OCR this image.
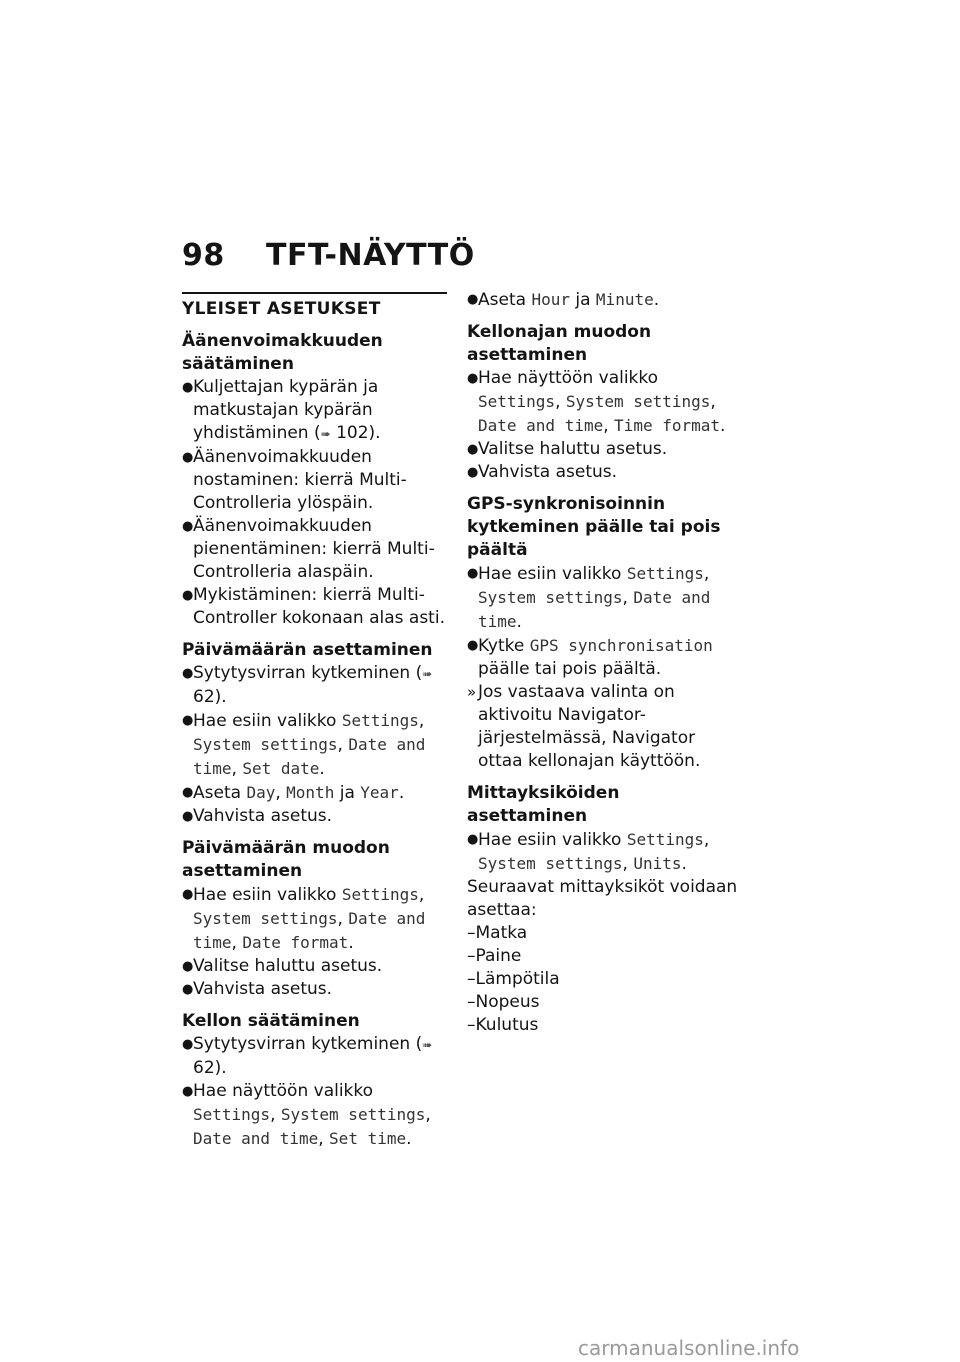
98 TFT-NÄYTTÖ
YLEISET ASETUKSET
Äänenvoimakkuuden säätäminen
● Kuljettajan kypärän ja matkustajan kypärän yhdistäminen (➠ 102).
● Äänenvoimakkuuden nostaminen: kierrä Multi-Controlleria ylöspäin.
● Äänenvoimakkuuden pienentäminen: kierrä Multi-Controlleria alaspäin.
● Mykistäminen: kierrä Multi-Controller kokonaan alas asti.
Päivämäärän asettaminen
● Sytytysvirran kytkeminen (➠ 62).
● Hae esiin valikko Settings, System settings, Date and time, Set date.
● Aseta Day, Month ja Year.
● Vahvista asetus.
Päivämäärän muodon asettaminen
● Hae esiin valikko Settings, System settings, Date and time, Date format.
● Valitse haluttu asetus.
● Vahvista asetus.
Kellon säätäminen
● Sytytysvirran kytkeminen (➠ 62).
● Hae näyttöön valikko Settings, System settings, Date and time, Set time.
● Aseta Hour ja Minute.
Kellonajan muodon asettaminen
● Hae näyttöön valikko Settings, System settings, Date and time, Time format.
● Valitse haluttu asetus.
● Vahvista asetus.
GPS-synkronisoinnin kytkeminen päälle tai pois päältä
● Hae esiin valikko Settings, System settings, Date and time.
● Kytke GPS synchronisation päälle tai pois päältä.
» Jos vastaava valinta on aktivoitu Navigator-järjestelmässä, Navigator ottaa kellonajan käyttöön.
Mittayksiköiden asettaminen
● Hae esiin valikko Settings, System settings, Units.
Seuraavat mittayksiköt voidaan asettaa:
–Matka
–Paine
–Lämpötila
–Nopeus
–Kulutus
carmanualsonline.info
